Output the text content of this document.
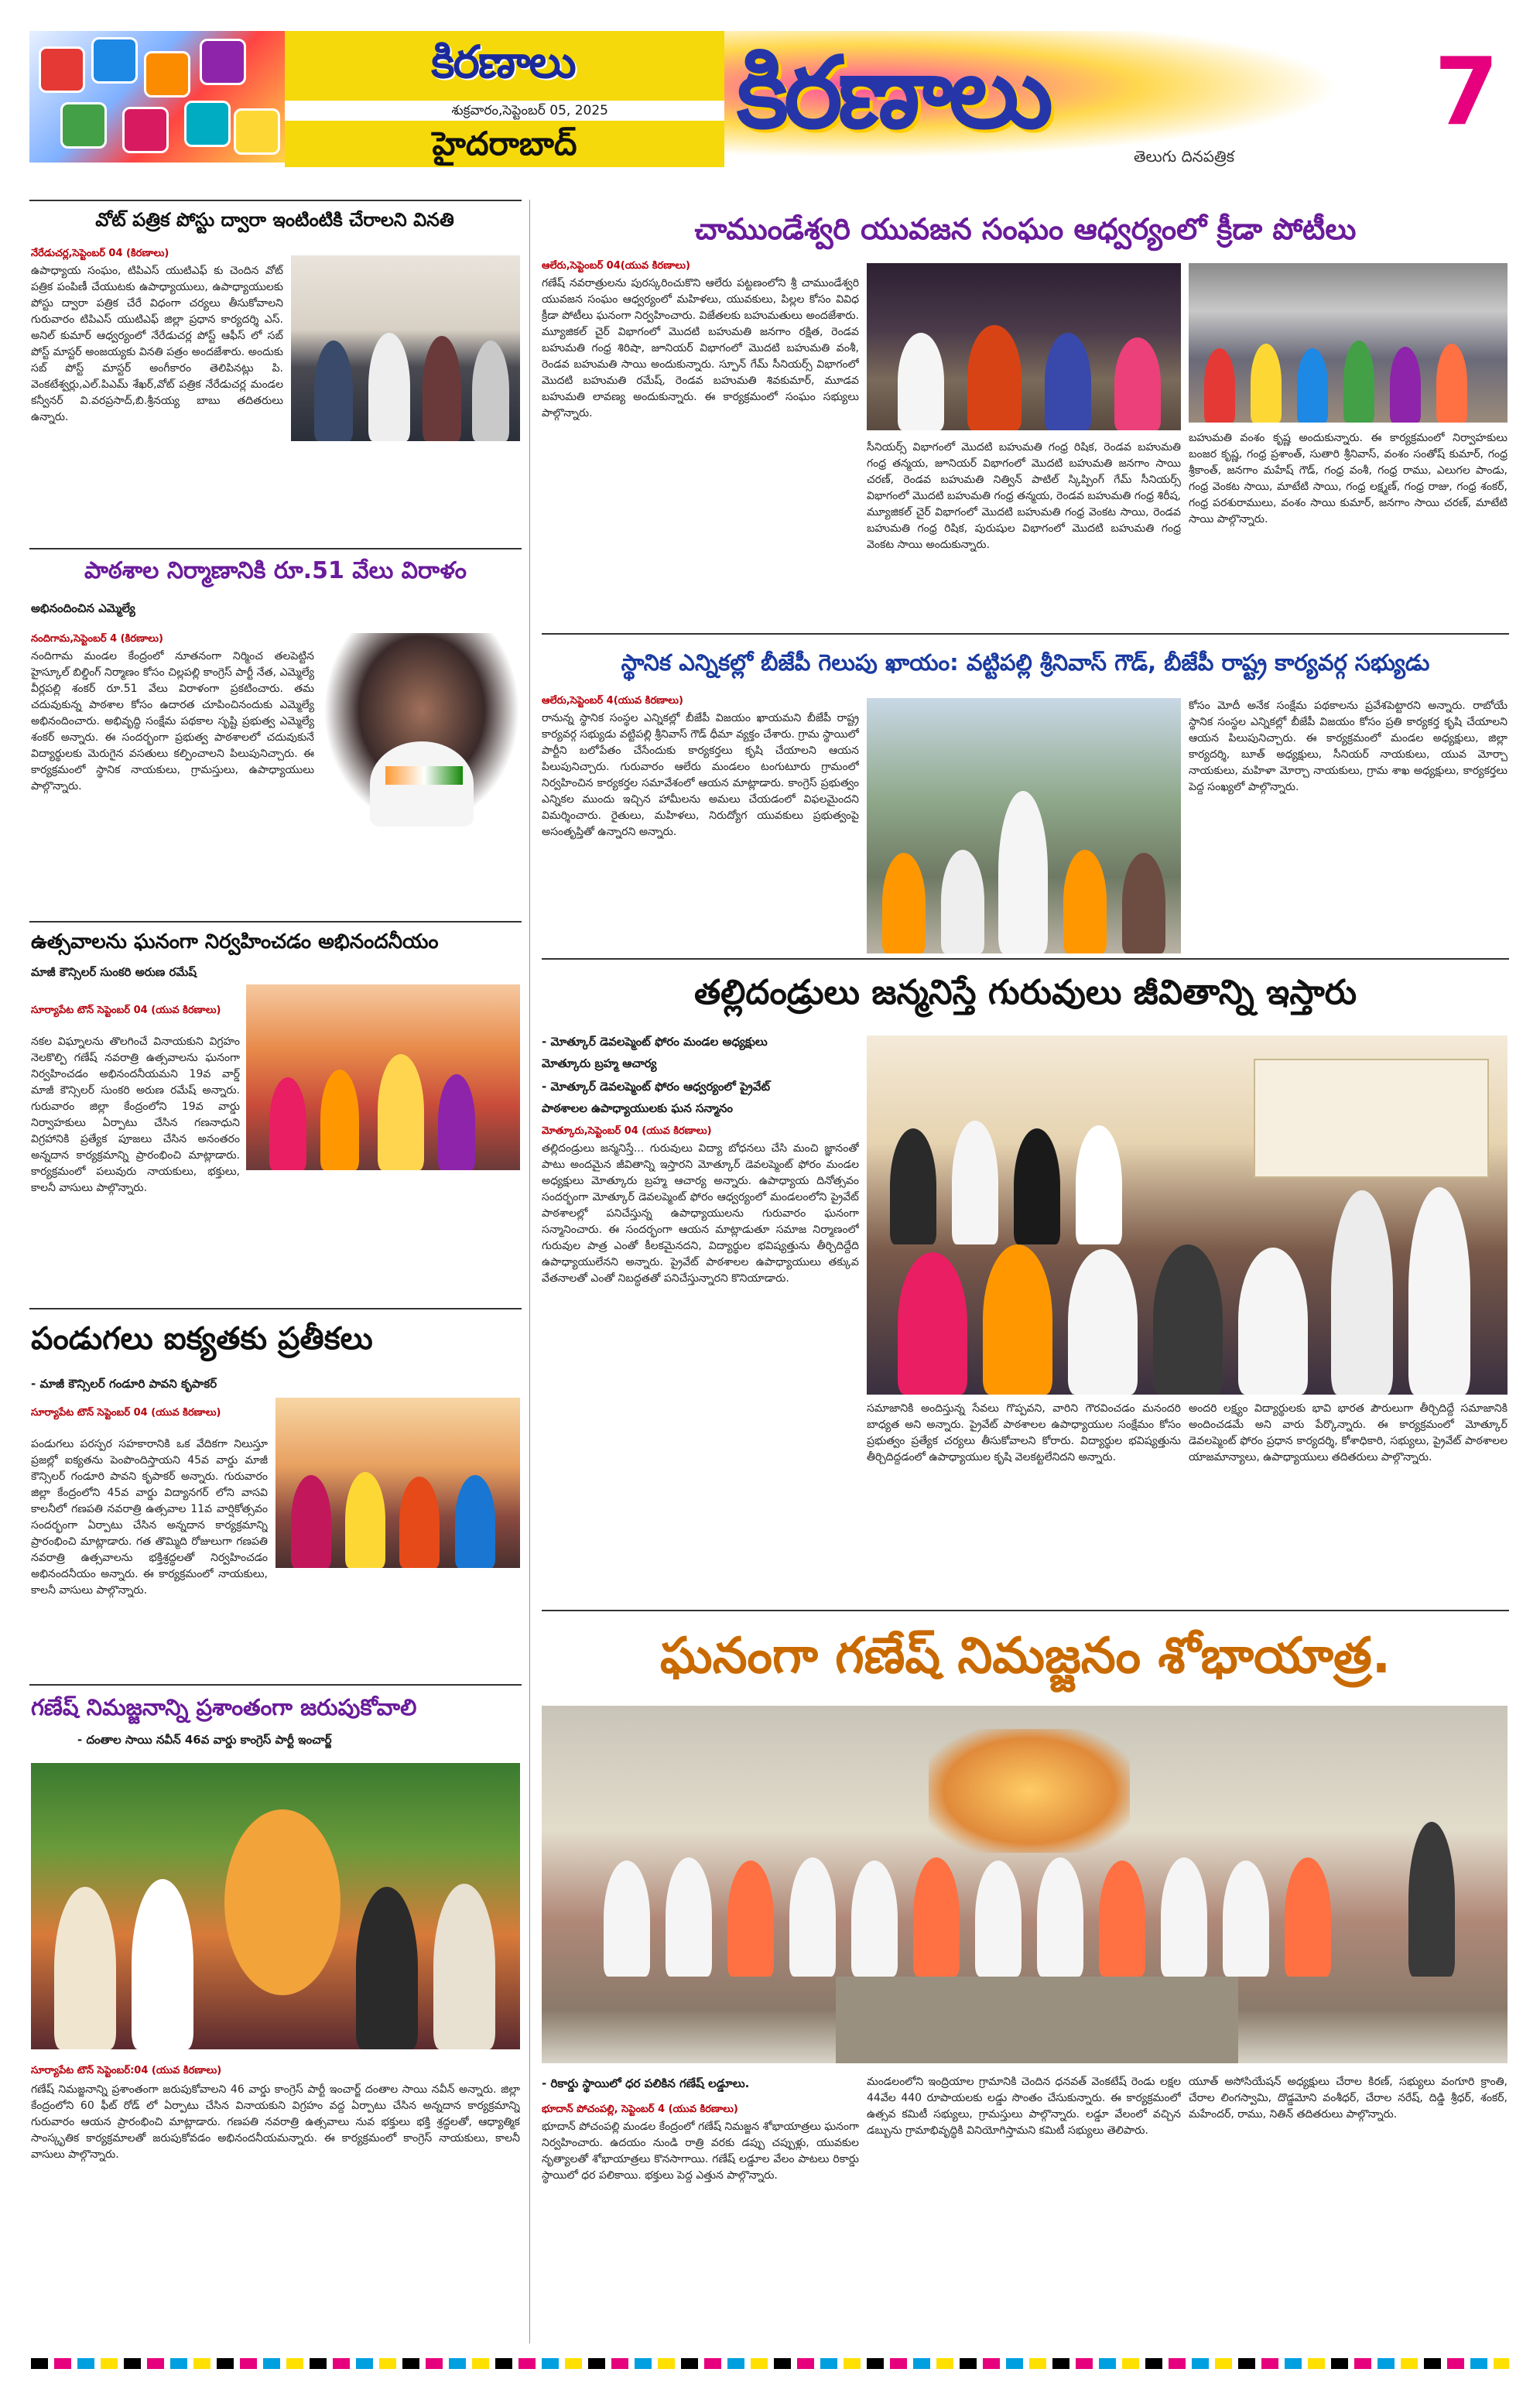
కిరణాలు
శుక్రవారం,సెప్టెంబర్ 05, 2025
హైదరాబాద్	కిరణాలు
తెలుగు దినపత్రిక
7
వోట్ పత్రిక పోస్టు ద్వారా ఇంటింటికి చేరాలని వినతి
నేరేడుచర్ల,సెప్టెంబర్ 04 (కిరణాలు)
ఉపాధ్యాయ సంఘం, టిపిఎస్ యుటిఎఫ్ కు చెందిన వోట్ పత్రిక పంపిణీ చేయుటకు ఉపాధ్యాయులు, ఉపాధ్యాయులకు పోస్టు ద్వారా పత్రిక చేరే విధంగా చర్యలు తీసుకోవాలని గురువారం టిపిఎస్ యుటిఎఫ్ జిల్లా ప్రధాన కార్యదర్శి ఎస్. అనిల్ కుమార్ ఆధ్వర్యంలో నేరేడుచర్ల పోస్ట్ ఆఫీస్ లో సబ్ పోస్ట్ మాస్టర్ అంజయ్యకు వినతి పత్రం అందజేశారు. అందుకు సబ్ పోస్ట్ మాస్టర్ అంగీకారం తెలిపినట్లు పి. వెంకటేశ్వర్లు,ఎల్.పిఎమ్ శేఖర్,వోట్ పత్రిక నేరేడుచర్ల మండల కన్వీనర్ వి.వరప్రసాద్,బి.శ్రీనయ్య బాబు తదితరులు ఉన్నారు.
పాఠశాల నిర్మాణానికి రూ.51 వేలు విరాళం
అభినందించిన ఎమ్మెల్యే
నందిగామ,సెప్టెంబర్ 4 (కిరణాలు)
నందిగామ మండల కేంద్రంలో నూతనంగా నిర్మించ తలపెట్టిన హైస్కూల్ బిల్డింగ్ నిర్మాణం కోసం చిల్లపల్లి కాంగ్రెస్ పార్టీ నేత, ఎమ్మెల్యే వీర్లపల్లి శంకర్ రూ.51 వేలు విరాళంగా ప్రకటించారు. తమ చదువుకున్న పాఠశాల కోసం ఉదారత చూపించినందుకు ఎమ్మెల్యే అభినందించారు. అభివృద్ధి సంక్షేమ పథకాల సృష్టి ప్రభుత్వ ఎమ్మెల్యే శంకర్ అన్నారు. ఈ సందర్భంగా ప్రభుత్వ పాఠశాలలో చదువుకునే విద్యార్థులకు మెరుగైన వసతులు కల్పించాలని పిలుపునిచ్చారు. ఈ కార్యక్రమంలో స్థానిక నాయకులు, గ్రామస్తులు, ఉపాధ్యాయులు పాల్గొన్నారు.
ఉత్సవాలను ఘనంగా నిర్వహించడం అభినందనీయం
మాజీ కౌన్సిలర్ సుంకరి అరుణ రమేష్
సూర్యాపేట టౌన్ సెప్టెంబర్ 04 (యువ కిరణాలు)
నకల విఘ్నాలను తొలగించే వినాయకుని విగ్రహం నెలకొల్పి గణేష్ నవరాత్రి ఉత్సవాలను ఘనంగా నిర్వహించడం అభినందనీయమని 19వ వార్డ్ మాజీ కౌన్సిలర్ సుంకరి అరుణ రమేష్ అన్నారు. గురువారం జిల్లా కేంద్రంలోని 19వ వార్డు నిర్వాహకులు ఏర్పాటు చేసిన గణనాధుని విగ్రహానికి ప్రత్యేక పూజలు చేసిన అనంతరం అన్నదాన కార్యక్రమాన్ని ప్రారంభించి మాట్లాడారు. కార్యక్రమంలో పలువురు నాయకులు, భక్తులు, కాలనీ వాసులు పాల్గొన్నారు.
పండుగలు ఐక్యతకు ప్రతీకలు
- మాజీ కౌన్సిలర్ గండూరి పావని కృపాకర్
సూర్యాపేట టౌన్ సెప్టెంబర్ 04 (యువ కిరణాలు)
పండుగలు పరస్పర సహకారానికి ఒక వేదికగా నిలుస్తూ ప్రజల్లో ఐక్యతను పెంపొందిస్తాయని 45వ వార్డు మాజీ కౌన్సిలర్ గండూరి పావని కృపాకర్ అన్నారు. గురువారం జిల్లా కేంద్రంలోని 45వ వార్డు విద్యానగర్ లోని వాసవి కాలనీలో గణపతి నవరాత్రి ఉత్సవాల 11వ వార్షికోత్సవం సందర్భంగా ఏర్పాటు చేసిన అన్నదాన కార్యక్రమాన్ని ప్రారంభించి మాట్లాడారు. గత తొమ్మిది రోజులుగా గణపతి నవరాత్రి ఉత్సవాలను భక్తిశ్రద్ధలతో నిర్వహించడం అభినందనీయం అన్నారు. ఈ కార్యక్రమంలో నాయకులు, కాలనీ వాసులు పాల్గొన్నారు.
గణేష్ నిమజ్జనాన్ని ప్రశాంతంగా జరుపుకోవాలి
- దంతాల సాయి నవీన్ 46వ వార్డు కాంగ్రెస్ పార్టీ ఇంచార్జ్
సూర్యాపేట టౌన్ సెప్టెంబర్:04 (యువ కిరణాలు)
గణేష్ నిమజ్జనాన్ని ప్రశాంతంగా జరుపుకోవాలని 46 వార్డు కాంగ్రెస్ పార్టీ ఇంచార్జ్ దంతాల సాయి నవీన్ అన్నారు. జిల్లా కేంద్రంలోని 60 ఫీట్ రోడ్ లో ఏర్పాటు చేసిన వినాయకుని విగ్రహం వద్ద ఏర్పాటు చేసిన అన్నదాన కార్యక్రమాన్ని గురువారం ఆయన ప్రారంభించి మాట్లాడారు. గణపతి నవరాత్రి ఉత్సవాలు నువ భక్తులు భక్తి శ్రద్ధలతో, ఆధ్యాత్మిక సాంస్కృతిక కార్యక్రమాలతో జరుపుకోవడం అభినందనీయమన్నారు. ఈ కార్యక్రమంలో కాంగ్రెస్ నాయకులు, కాలనీ వాసులు పాల్గొన్నారు.
చాముండేశ్వరి యువజన సంఘం ఆధ్వర్యంలో క్రీడా పోటీలు
ఆలేరు,సెప్టెంబర్ 04(యువ కిరణాలు)
గణేష్ నవరాత్రులను పురస్కరించుకొని ఆలేరు పట్టణంలోని శ్రీ చాముండేశ్వరి యువజన సంఘం ఆధ్వర్యంలో మహిళలు, యువకులు, పిల్లల కోసం వివిధ క్రీడా పోటీలు ఘనంగా నిర్వహించారు. విజేతలకు బహుమతులు అందజేశారు. మ్యూజికల్ చైర్ విభాగంలో మొదటి బహుమతి జనగాం రక్షిత, రెండవ బహుమతి గంధ్ర శిరిషా, జూనియర్ విభాగంలో మొదటి బహుమతి వంశీ, రెండవ బహుమతి సాయి అందుకున్నారు. స్పూన్ గేమ్ సీనియర్స్ విభాగంలో మొదటి బహుమతి రమేష్, రెండవ బహుమతి శివకుమార్, మూడవ బహుమతి లావణ్య అందుకున్నారు. ఈ కార్యక్రమంలో సంఘం సభ్యులు పాల్గొన్నారు.
సీనియర్స్ విభాగంలో మొదటి బహుమతి గంధ్ర రిషిక, రెండవ బహుమతి గంధ్ర తన్మయ, జూనియర్ విభాగంలో మొదటి బహుమతి జనగాం సాయి చరణ్, రెండవ బహుమతి నిత్విన్ పాటిల్ స్కిప్పింగ్ గేమ్ సీనియర్స్ విభాగంలో మొదటి బహుమతి గంధ్ర తన్మయ, రెండవ బహుమతి గంధ్ర శిరీష, మ్యూజికల్ చైర్ విభాగంలో మొదటి బహుమతి గంధ్ర వెంకట సాయి, రెండవ బహుమతి గంధ్ర రిషిక, పురుషుల విభాగంలో మొదటి బహుమతి గంధ్ర వెంకట సాయి అందుకున్నారు.
బహుమతి వంశం కృష్ణ అందుకున్నారు. ఈ కార్యక్రమంలో నిర్వాహకులు బంజర కృష్ణ, గంధ్ర ప్రశాంత్, సుతారి శ్రీనివాస్, వంశం సంతోష్ కుమార్, గంధ్ర శ్రీకాంత్, జనగాం మహేష్ గౌడ్, గంధ్ర వంశీ, గంధ్ర రాము, ఎలుగల పాండు, గంధ్ర వెంకట సాయి, మాటేటి సాయి, గంధ్ర లక్ష్మణ్, గంధ్ర రాజు, గంధ్ర శంకర్, గంధ్ర పరశురాములు, వంశం సాయి కుమార్, జనగాం సాయి చరణ్, మాటేటి సాయి పాల్గొన్నారు.
స్థానిక ఎన్నికల్లో బీజేపీ గెలుపు ఖాయం: వట్టిపల్లి శ్రీనివాస్ గౌడ్, బీజేపీ రాష్ట్ర కార్యవర్గ సభ్యుడు
ఆలేరు,సెప్టెంబర్ 4(యువ కిరణాలు)
రానున్న స్థానిక సంస్థల ఎన్నికల్లో బీజేపీ విజయం ఖాయమని బీజేపీ రాష్ట్ర కార్యవర్గ సభ్యుడు వట్టిపల్లి శ్రీనివాస్ గౌడ్ ధీమా వ్యక్తం చేశారు. గ్రామ స్థాయిలో పార్టీని బలోపేతం చేసేందుకు కార్యకర్తలు కృషి చేయాలని ఆయన పిలుపునిచ్చారు. గురువారం ఆలేరు మండలం టంగుటూరు గ్రామంలో నిర్వహించిన కార్యకర్తల సమావేశంలో ఆయన మాట్లాడారు. కాంగ్రెస్ ప్రభుత్వం ఎన్నికల ముందు ఇచ్చిన హామీలను అమలు చేయడంలో విఫలమైందని విమర్శించారు. రైతులు, మహిళలు, నిరుద్యోగ యువకులు ప్రభుత్వంపై అసంతృప్తితో ఉన్నారని అన్నారు.
కోసం మోదీ అనేక సంక్షేమ పథకాలను ప్రవేశపెట్టారని అన్నారు. రాబోయే స్థానిక సంస్థల ఎన్నికల్లో బీజేపీ విజయం కోసం ప్రతి కార్యకర్త కృషి చేయాలని ఆయన పిలుపునిచ్చారు. ఈ కార్యక్రమంలో మండల అధ్యక్షులు, జిల్లా కార్యదర్శి, బూత్ అధ్యక్షులు, సీనియర్ నాయకులు, యువ మోర్చా నాయకులు, మహిళా మోర్చా నాయకులు, గ్రామ శాఖ అధ్యక్షులు, కార్యకర్తలు పెద్ద సంఖ్యలో పాల్గొన్నారు.
తల్లిదండ్రులు జన్మనిస్తే గురువులు జీవితాన్ని ఇస్తారు
- మోత్కూర్ డెవలప్మెంట్ ఫోరం మండల అధ్యక్షులు
మోత్కూరు బ్రహ్మ ఆచార్య
- మోత్కూర్ డెవలప్మెంట్ ఫోరం ఆధ్వర్యంలో ప్రైవేట్
పాఠశాలల ఉపాధ్యాయులకు ఘన సన్మానం
మోత్కూరు,సెప్టెంబర్ 04 (యువ కిరణాలు)
తల్లిదండ్రులు జన్మనిస్తే... గురువులు విద్యా బోధనలు చేసి మంచి జ్ఞానంతో పాటు అందమైన జీవితాన్ని ఇస్తారని మోత్కూర్ డెవలప్మెంట్ ఫోరం మండల అధ్యక్షులు మోత్కూరు బ్రహ్మ ఆచార్య అన్నారు. ఉపాధ్యాయ దినోత్సవం సందర్భంగా మోత్కూర్ డెవలప్మెంట్ ఫోరం ఆధ్వర్యంలో మండలంలోని ప్రైవేట్ పాఠశాలల్లో పనిచేస్తున్న ఉపాధ్యాయులను గురువారం ఘనంగా సన్మానించారు. ఈ సందర్భంగా ఆయన మాట్లాడుతూ సమాజ నిర్మాణంలో గురువుల పాత్ర ఎంతో కీలకమైనదని, విద్యార్థుల భవిష్యత్తును తీర్చిదిద్దేది ఉపాధ్యాయులేనని అన్నారు. ప్రైవేట్ పాఠశాలల ఉపాధ్యాయులు తక్కువ వేతనాలతో ఎంతో నిబద్ధతతో పనిచేస్తున్నారని కొనియాడారు.
సమాజానికి అందిస్తున్న సేవలు గొప్పవని, వారిని గౌరవించడం మనందరి బాధ్యత అని అన్నారు. ప్రైవేట్ పాఠశాలల ఉపాధ్యాయుల సంక్షేమం కోసం ప్రభుత్వం ప్రత్యేక చర్యలు తీసుకోవాలని కోరారు. విద్యార్థుల భవిష్యత్తును తీర్చిదిద్దడంలో ఉపాధ్యాయుల కృషి వెలకట్టలేనిదని అన్నారు.
అందరి లక్ష్యం విద్యార్థులకు భావి భారత పౌరులుగా తీర్చిదిద్దే సమాజానికి అందించడమే అని వారు పేర్కొన్నారు. ఈ కార్యక్రమంలో మోత్కూర్ డెవలప్మెంట్ ఫోరం ప్రధాన కార్యదర్శి, కోశాధికారి, సభ్యులు, ప్రైవేట్ పాఠశాలల యాజమాన్యాలు, ఉపాధ్యాయులు తదితరులు పాల్గొన్నారు.
ఘనంగా గణేష్ నిమజ్జనం శోభాయాత్ర.
- రికార్డు స్థాయిలో ధర పలికిన గణేష్ లడ్డూలు.
భూదాన్ పోచంపల్లి, సెప్టెంబర్ 4 (యువ కిరణాలు)
భూదాన్ పోచంపల్లి మండల కేంద్రంలో గణేష్ నిమజ్జన శోభాయాత్రలు ఘనంగా నిర్వహించారు. ఉదయం నుండి రాత్రి వరకు డప్పు చప్పుళ్లు, యువకుల నృత్యాలతో శోభాయాత్రలు కొనసాగాయి. గణేష్ లడ్డూల వేలం పాటలు రికార్డు స్థాయిలో ధర పలికాయి. భక్తులు పెద్ద ఎత్తున పాల్గొన్నారు.
మండలంలోని ఇంద్రియాల గ్రామానికి చెందిన ధనవత్ వెంకటేష్ రెండు లక్షల 44వేల 440 రూపాయలకు లడ్డు సొంతం చేసుకున్నారు. ఈ కార్యక్రమంలో ఉత్సవ కమిటీ సభ్యులు, గ్రామస్తులు పాల్గొన్నారు. లడ్డూ వేలంలో వచ్చిన డబ్బును గ్రామాభివృద్ధికి వినియోగిస్తామని కమిటీ సభ్యులు తెలిపారు.
యూత్ అసోసియేషన్ అధ్యక్షులు చేరాల కిరణ్, సభ్యులు వంగూరి క్రాంతి, చేరాల లింగస్వామి, దొడ్డమోని వంశీధర్, చేరాల నరేష్, దిడ్డి శ్రీధర్, శంకర్, మహేందర్, రాము, నితిన్ తదితరులు పాల్గొన్నారు.
